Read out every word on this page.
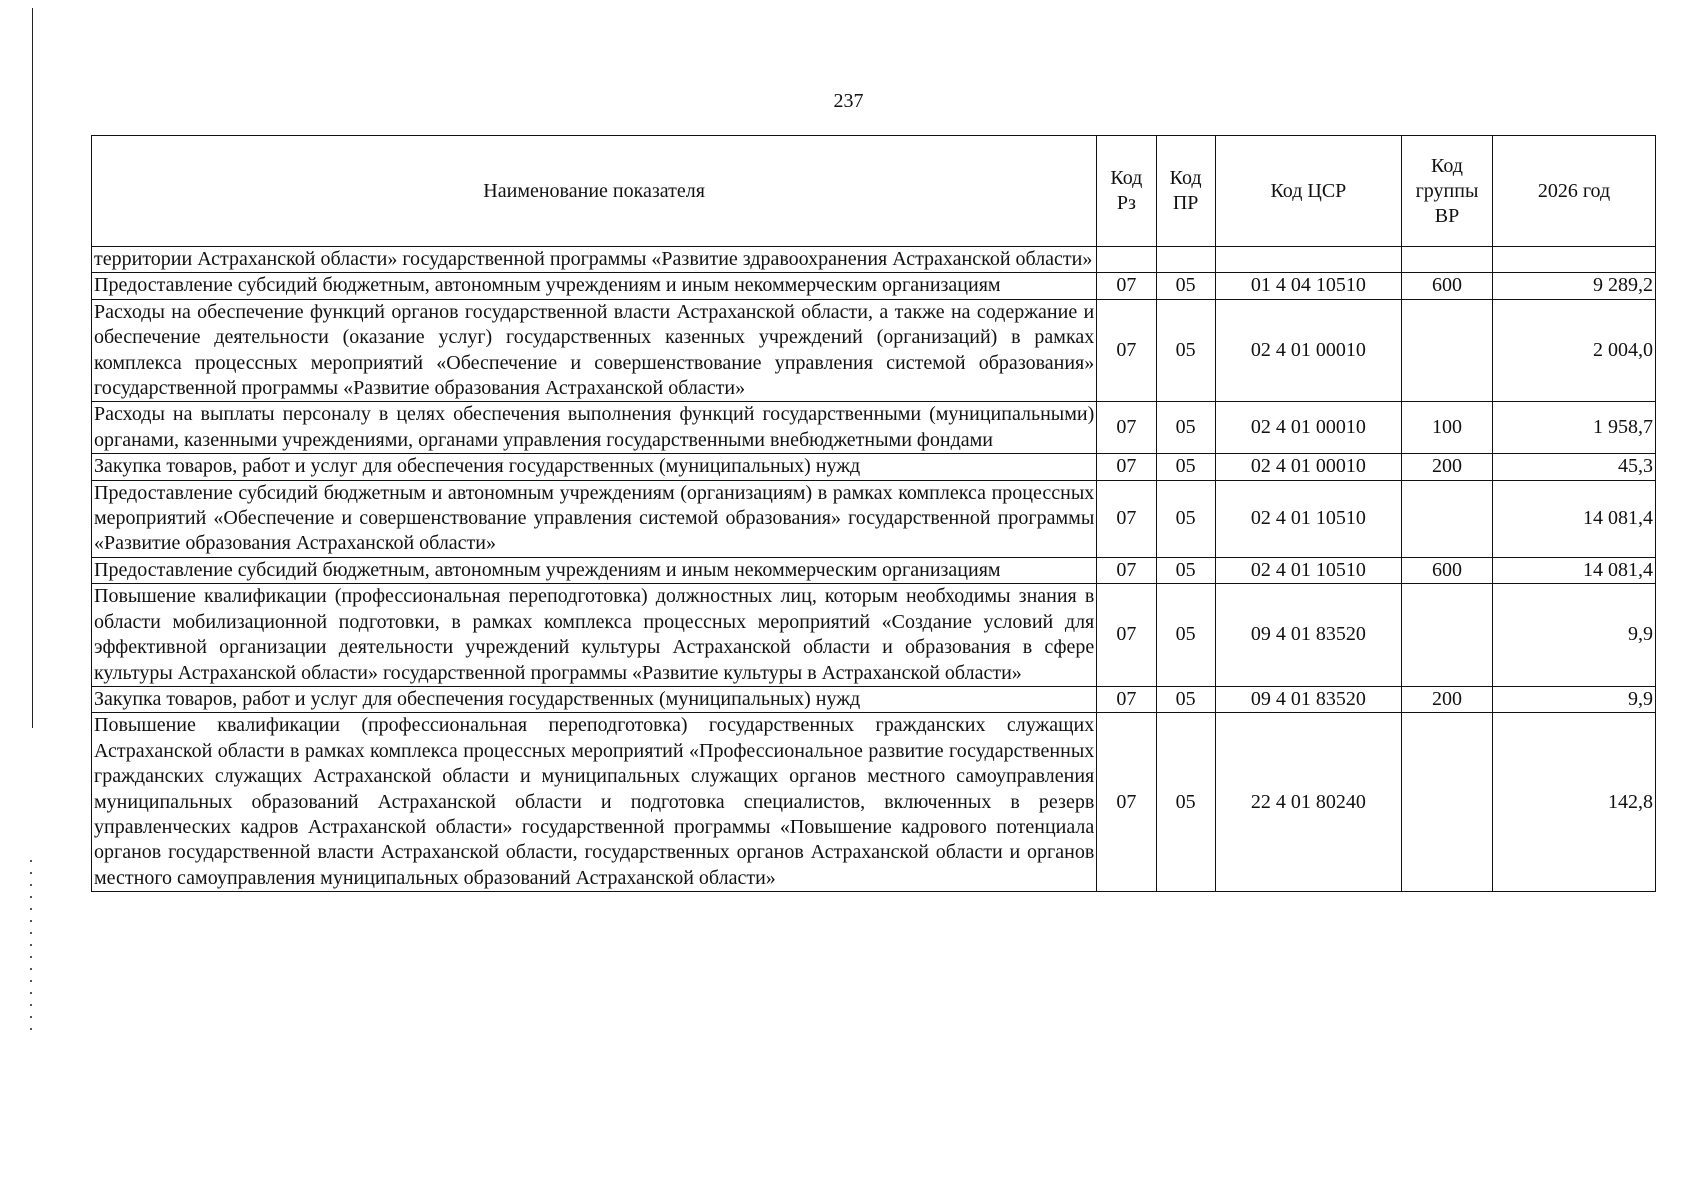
237
Наименование показателя	Код Рз	Код ПР	Код ЦСР	Код группы ВР	2026 год
территории Астраханской области» государственной программы «Развитие здравоохранения Астраханской области»					
Предоставление субсидий бюджетным, автономным учреждениям и иным некоммерческим организациям	07	05	01 4 04 10510	600	9 289,2
Расходы на обеспечение функций органов государственной власти Астраханской области, а также на содержание и обеспечение деятельности (оказание услуг) государственных казенных учреждений (организаций) в рамках комплекса процессных мероприятий «Обеспечение и совершенствование управления системой образования» государственной программы «Развитие образования Астраханской области»	07	05	02 4 01 00010		2 004,0
Расходы на выплаты персоналу в целях обеспечения выполнения функций государственными (муниципальными) органами, казенными учреждениями, органами управления государственными внебюджетными фондами	07	05	02 4 01 00010	100	1 958,7
Закупка товаров, работ и услуг для обеспечения государственных (муниципальных) нужд	07	05	02 4 01 00010	200	45,3
Предоставление субсидий бюджетным и автономным учреждениям (организациям) в рамках комплекса процессных мероприятий «Обеспечение и совершенствование управления системой образования» государственной программы «Развитие образования Астраханской области»	07	05	02 4 01 10510		14 081,4
Предоставление субсидий бюджетным, автономным учреждениям и иным некоммерческим организациям	07	05	02 4 01 10510	600	14 081,4
Повышение квалификации (профессиональная переподготовка) должностных лиц, которым необходимы знания в области мобилизационной подготовки, в рамках комплекса процессных мероприятий «Создание условий для эффективной организации деятельности учреждений культуры Астраханской области и образования в сфере культуры Астраханской области» государственной программы «Развитие культуры в Астраханской области»	07	05	09 4 01 83520		9,9
Закупка товаров, работ и услуг для обеспечения государственных (муниципальных) нужд	07	05	09 4 01 83520	200	9,9
Повышение квалификации (профессиональная переподготовка) государственных гражданских служащих Астраханской области в рамках комплекса процессных мероприятий «Профессиональное развитие государственных гражданских служащих Астраханской области и муниципальных служащих органов местного самоуправления муниципальных образований Астраханской области и подготовка специалистов, включенных в резерв управленческих кадров Астраханской области» государственной программы «Повышение кадрового потенциала органов государственной власти Астраханской области, государственных органов Астраханской области и органов местного самоуправления муниципальных образований Астраханской области»	07	05	22 4 01 80240		142,8
